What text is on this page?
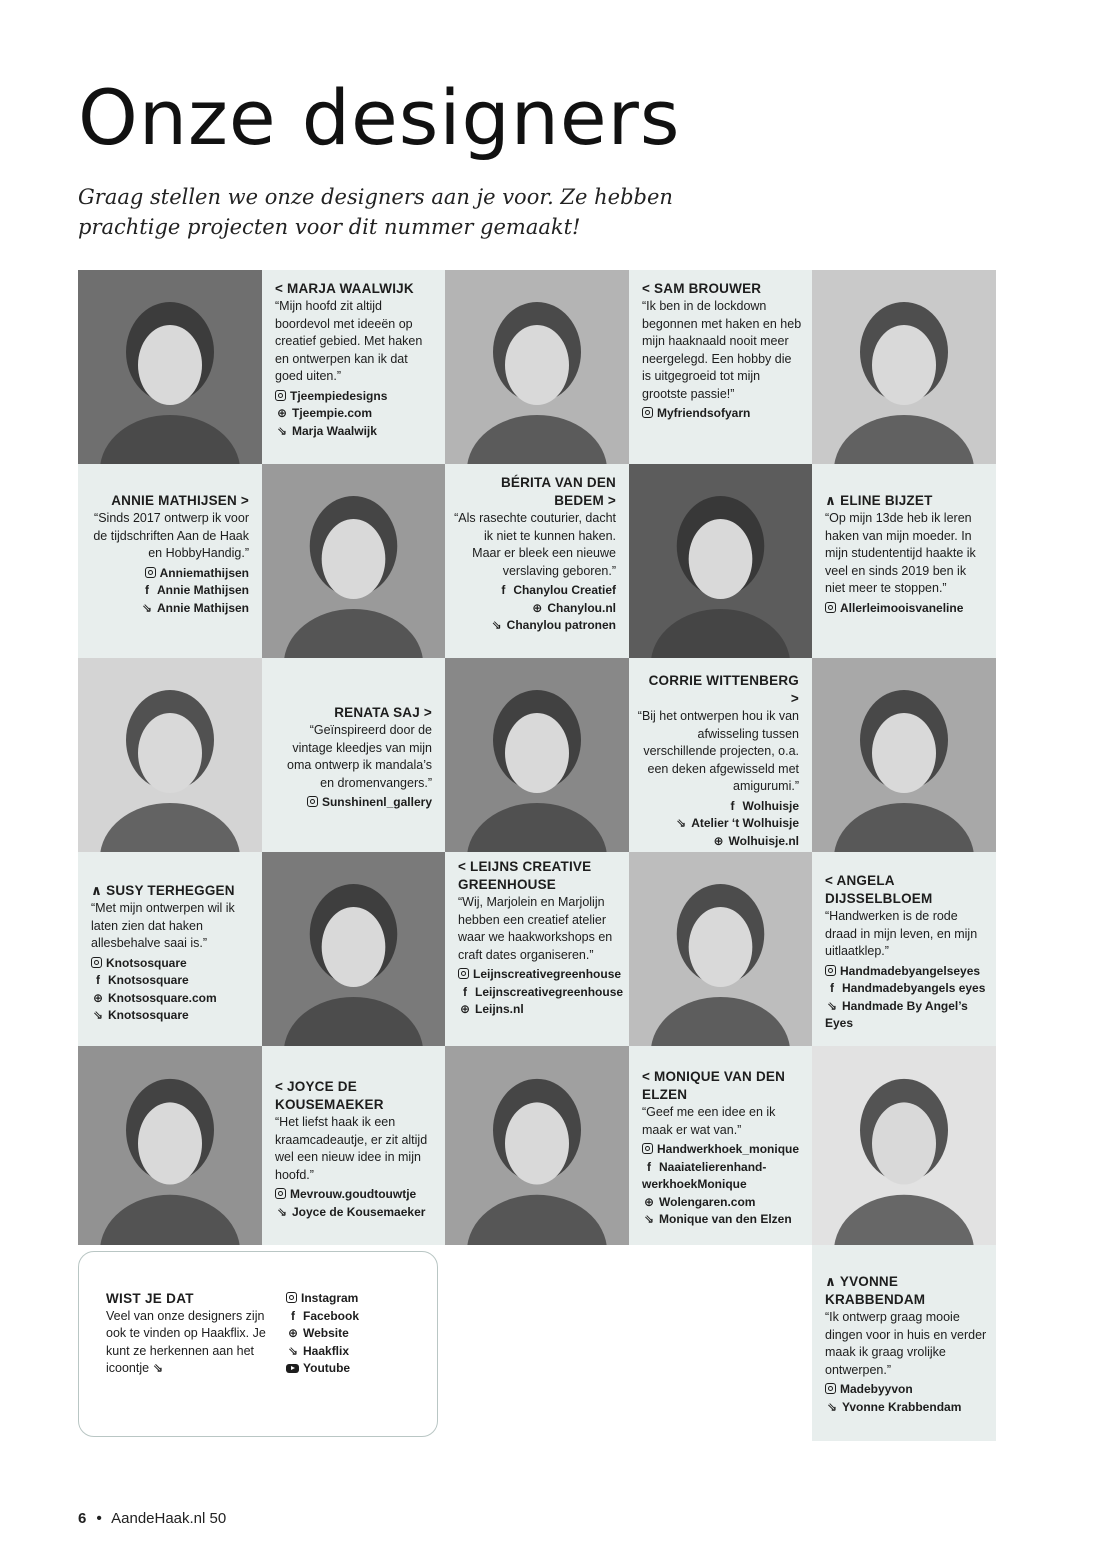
Onze designers

Graag stellen we onze designers aan je voor. Ze hebben prachtige projecten voor dit nummer gemaakt!

< MARJA WAALWIJK

“Mijn hoofd zit altijd boordevol met ideeën op creatief gebied. Met haken en ontwerpen kan ik dat goed uiten.”

Tjeempiedesigns
⊕ Tjeempie.com
⇘ Marja Waalwijk
< SAM BROUWER

“Ik ben in de lockdown begonnen met haken en heb mijn haaknaald nooit meer neergelegd. Een hobby die is uitgegroeid tot mijn grootste passie!”

Myfriendsofyarn
ANNIE MATHIJSEN >

“Sinds 2017 ontwerp ik voor de tijdschriften Aan de Haak en HobbyHandig.”

Anniemathijsen
f Annie Mathijsen
⇘ Annie Mathijsen
BÉRITA VAN DEN BEDEM >

“Als rasechte couturier, dacht ik niet te kunnen haken. Maar er bleek een nieuwe verslaving geboren.”

f Chanylou Creatief
⊕ Chanylou.nl
⇘ Chanylou patronen
∧ ELINE BIJZET

“Op mijn 13de heb ik leren haken van mijn moeder. In mijn studententijd haakte ik veel en sinds 2019 ben ik niet meer te stoppen.”

Allerleimooisvaneline
RENATA SAJ >

“Geïnspireerd door de vintage kleedjes van mijn oma ontwerp ik mandala’s en dromenvangers.”

Sunshinenl_gallery
CORRIE WITTENBERG >

“Bij het ontwerpen hou ik van afwisseling tussen verschillende projecten, o.a. een deken afgewisseld met amigurumi.”

f Wolhuisje
⇘ Atelier ‘t Wolhuisje
⊕ Wolhuisje.nl
∧ SUSY TERHEGGEN

“Met mijn ontwerpen wil ik laten zien dat haken allesbehalve saai is.”

Knotsosquare
f Knotsosquare
⊕ Knotsosquare.com
⇘ Knotsosquare
< LEIJNS CREATIVE GREENHOUSE

“Wij, Marjolein en Marjolijn hebben een creatief atelier waar we haakworkshops en craft dates organiseren.”

Leijnscreativegreenhouse
f Leijnscreativegreenhouse
⊕ Leijns.nl
< ANGELA DIJSSELBLOEM

“Handwerken is de rode draad in mijn leven, en mijn uitlaatklep.”

Handmadebyangelseyes
f Handmadebyangels eyes
⇘ Handmade By Angel’s Eyes
< JOYCE DE KOUSEMAEKER

“Het liefst haak ik een kraamcadeautje, er zit altijd wel een nieuw idee in mijn hoofd.”

Mevrouw.goudtouwtje
⇘ Joyce de Kousemaeker
< MONIQUE VAN DEN ELZEN

“Geef me een idee en ik maak er wat van.”

Handwerkhoek_monique
f Naaiatelierenhand-werkhoekMonique
⊕ Wolengaren.com
⇘ Monique van den Elzen
∧ YVONNE KRABBENDAM

“Ik ontwerp graag mooie dingen voor in huis en verder maak ik graag vrolijke ontwerpen.”

Madebyyvon
⇘ Yvonne Krabbendam
WIST JE DAT
Veel van onze designers zijn ook te vinden op Haakflix. Je kunt ze herkennen aan het icoontje ⇘
Instagram
f Facebook
⊕ Website
⇘ Haakflix
Youtube
6 • AandeHaak.nl 50
